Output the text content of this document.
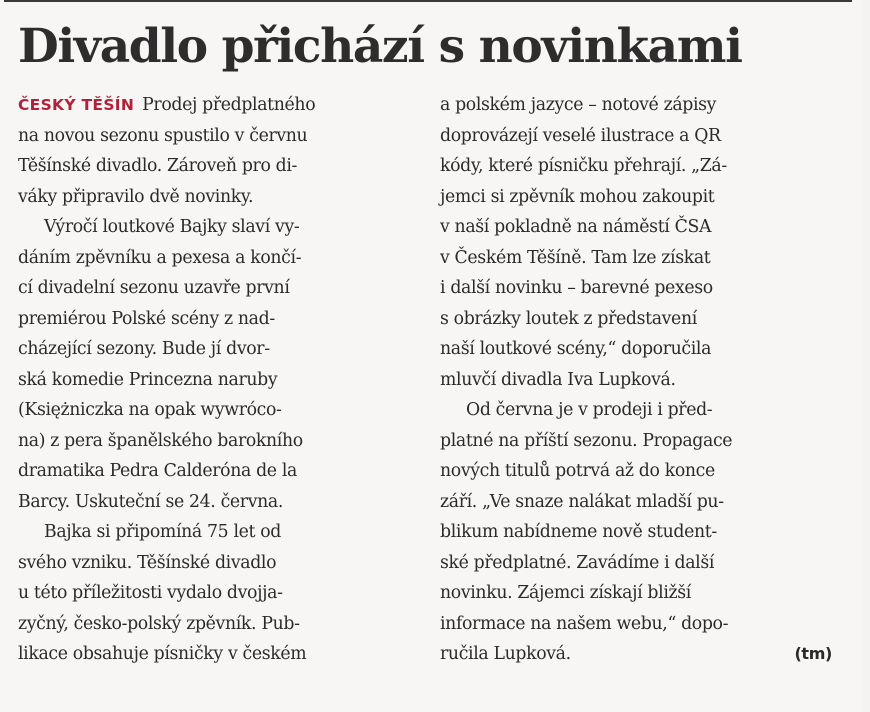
Divadlo přichází s novinkami
ČESKÝ TĚŠÍN Prodej předplatného
na novou sezonu spustilo v červnu
Těšínské divadlo. Zároveň pro di-
váky připravilo dvě novinky.
Výročí loutkové Bajky slaví vy-
dáním zpěvníku a pexesa a končí-
cí divadelní sezonu uzavře první
premiérou Polské scény z nad-
cházející sezony. Bude jí dvor-
ská komedie Princezna naruby
(Księżniczka na opak wywróco-
na) z pera španělského barokního
dramatika Pedra Calderóna de la
Barcy. Uskuteční se 24. června.
Bajka si připomíná 75 let od
svého vzniku. Těšínské divadlo
u této příležitosti vydalo dvojja-
zyčný, česko-polský zpěvník. Pub-
likace obsahuje písničky v českém
a polském jazyce – notové zápisy
doprovázejí veselé ilustrace a QR
kódy, které písničku přehrají. „Zá-
jemci si zpěvník mohou zakoupit
v naší pokladně na náměstí ČSA
v Českém Těšíně. Tam lze získat
i další novinku – barevné pexeso
s obrázky loutek z představení
naší loutkové scény,“ doporučila
mluvčí divadla Iva Lupková.
Od června je v prodeji i před-
platné na příští sezonu. Propagace
nových titulů potrvá až do konce
září. „Ve snaze nalákat mladší pu-
blikum nabídneme nově student-
ské předplatné. Zavádíme i další
novinku. Zájemci získají bližší
informace na našem webu,“ dopo-
ručila Lupková.	(tm)
